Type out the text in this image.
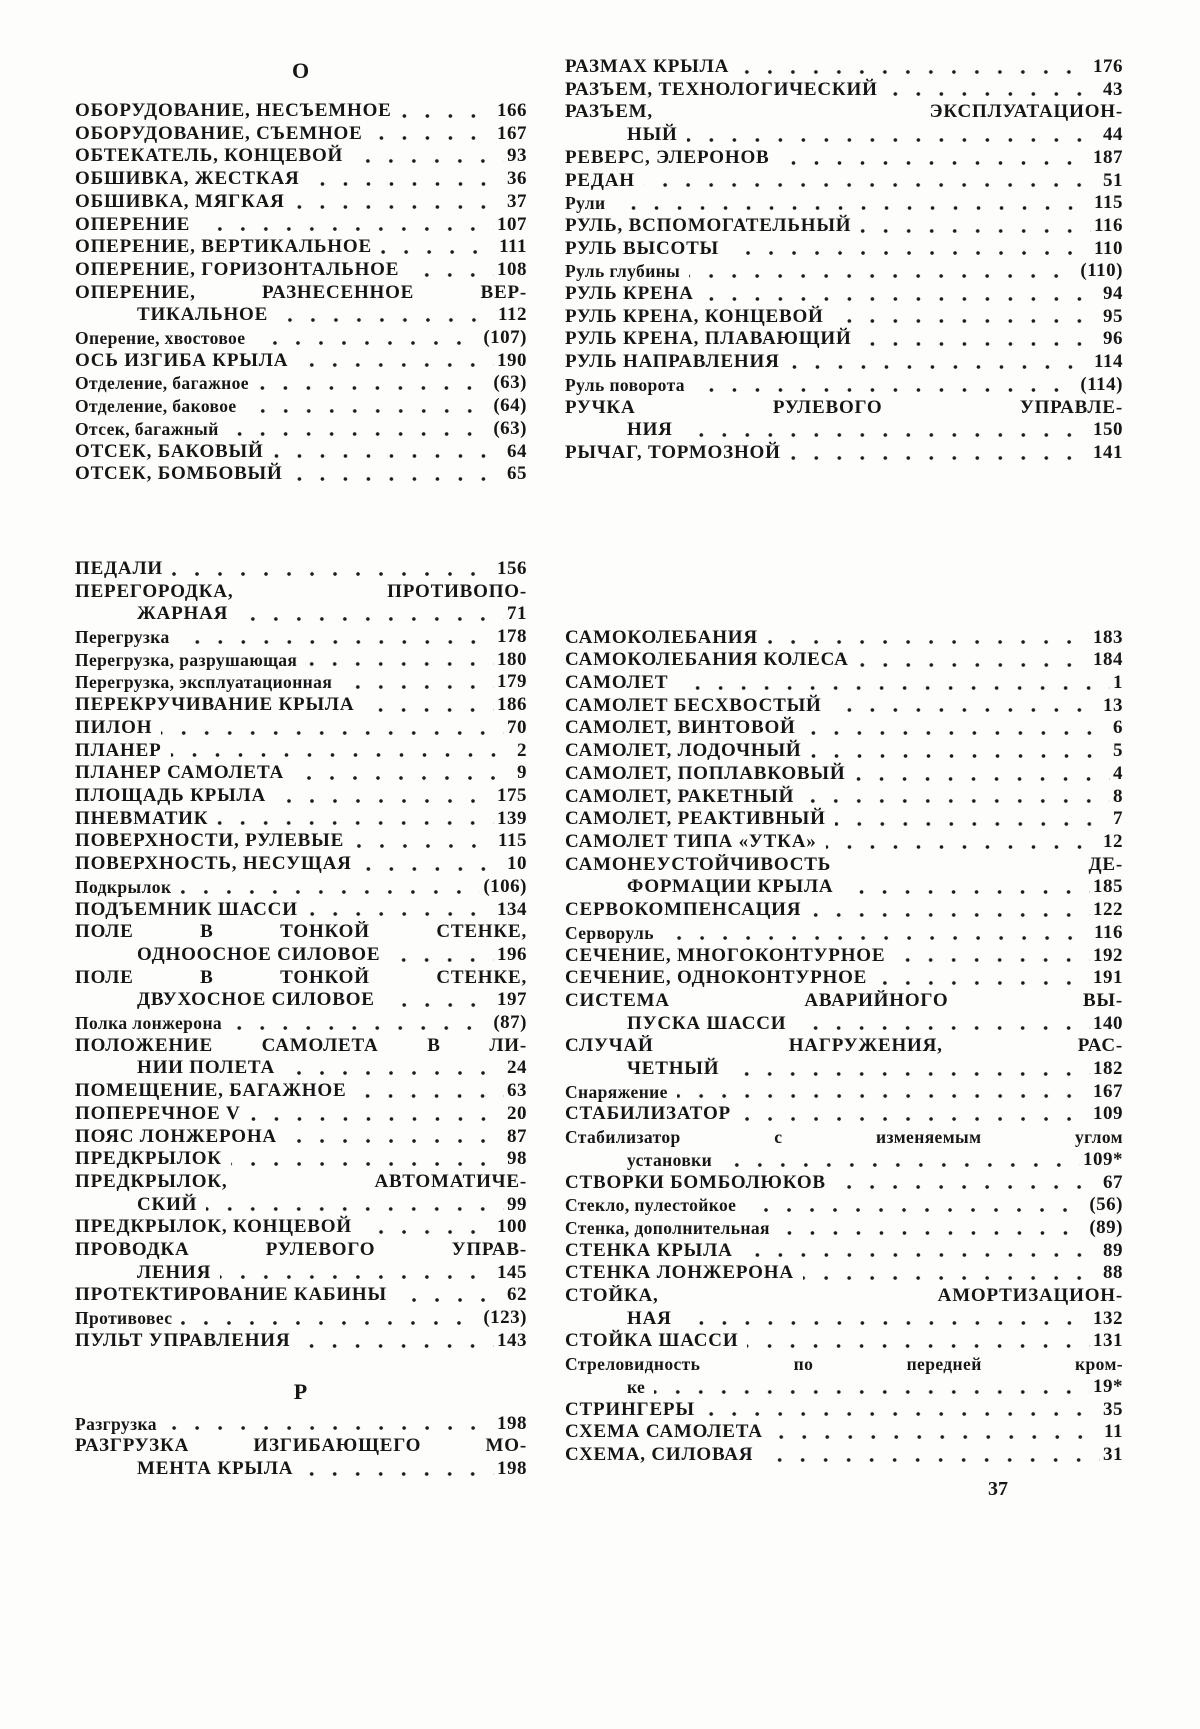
О
ОБОРУДОВАНИЕ, НЕСЪЕМНОЕ	166
ОБОРУДОВАНИЕ, СЪЕМНОЕ	167
ОБТЕКАТЕЛЬ, КОНЦЕВОЙ	93
ОБШИВКА, ЖЕСТКАЯ	36
ОБШИВКА, МЯГКАЯ	37
ОПЕРЕНИЕ	107
ОПЕРЕНИЕ, ВЕРТИКАЛЬНОЕ	111
ОПЕРЕНИЕ, ГОРИЗОНТАЛЬНОЕ	108
ОПЕРЕНИЕ, РАЗНЕСЕННОЕ ВЕР-
ТИКАЛЬНОЕ	112
Оперение, хвостовое	(107)
ОСЬ ИЗГИБА КРЫЛА	190
Отделение, багажное	(63)
Отделение, баковое	(64)
Отсек, багажный	(63)
ОТСЕК, БАКОВЫЙ	64
ОТСЕК, БОМБОВЫЙ	65
ПЕДАЛИ	156
ПЕРЕГОРОДКА, ПРОТИВОПО-
ЖАРНАЯ	71
Перегрузка	178
Перегрузка, разрушающая	180
Перегрузка, эксплуатационная	179
ПЕРЕКРУЧИВАНИЕ КРЫЛА	186
ПИЛОН	70
ПЛАНЕР	2
ПЛАНЕР САМОЛЕТА	9
ПЛОЩАДЬ КРЫЛА	175
ПНЕВМАТИК	139
ПОВЕРХНОСТИ, РУЛЕВЫЕ	115
ПОВЕРХНОСТЬ, НЕСУЩАЯ	10
Подкрылок	(106)
ПОДЪЕМНИК ШАССИ	134
ПОЛЕ В ТОНКОЙ СТЕНКЕ,
ОДНООСНОЕ СИЛОВОЕ	196
ПОЛЕ В ТОНКОЙ СТЕНКЕ,
ДВУХОСНОЕ СИЛОВОЕ	197
Полка лонжерона	(87)
ПОЛОЖЕНИЕ САМОЛЕТА В ЛИ-
НИИ ПОЛЕТА	24
ПОМЕЩЕНИЕ, БАГАЖНОЕ	63
ПОПЕРЕЧНОЕ V	20
ПОЯС ЛОНЖЕРОНА	87
ПРЕДКРЫЛОК	98
ПРЕДКРЫЛОК, АВТОМАТИЧЕ-
СКИЙ	99
ПРЕДКРЫЛОК, КОНЦЕВОЙ	100
ПРОВОДКА РУЛЕВОГО УПРАВ-
ЛЕНИЯ	145
ПРОТЕКТИРОВАНИЕ КАБИНЫ	62
Противовес	(123)
ПУЛЬТ УПРАВЛЕНИЯ	143
Р
Разгрузка	198
РАЗГРУЗКА ИЗГИБАЮЩЕГО МО-
МЕНТА КРЫЛА	198
РАЗМАХ КРЫЛА	176
РАЗЪЕМ, ТЕХНОЛОГИЧЕСКИЙ	43
РАЗЪЕМ, ЭКСПЛУАТАЦИОН-
НЫЙ	44
РЕВЕРС, ЭЛЕРОНОВ	187
РЕДАН	51
Рули	115
РУЛЬ, ВСПОМОГАТЕЛЬНЫЙ	116
РУЛЬ ВЫСОТЫ	110
Руль глубины	(110)
РУЛЬ КРЕНА	94
РУЛЬ КРЕНА, КОНЦЕВОЙ	95
РУЛЬ КРЕНА, ПЛАВАЮЩИЙ	96
РУЛЬ НАПРАВЛЕНИЯ	114
Руль поворота	(114)
РУЧКА РУЛЕВОГО УПРАВЛЕ-
НИЯ	150
РЫЧАГ, ТОРМОЗНОЙ	141
САМОКОЛЕБАНИЯ	183
САМОКОЛЕБАНИЯ КОЛЕСА	184
САМОЛЕТ	1
САМОЛЕТ БЕСХВОСТЫЙ	13
САМОЛЕТ, ВИНТОВОЙ	6
САМОЛЕТ, ЛОДОЧНЫЙ	5
САМОЛЕТ, ПОПЛАВКОВЫЙ	4
САМОЛЕТ, РАКЕТНЫЙ	8
САМОЛЕТ, РЕАКТИВНЫЙ	7
САМОЛЕТ ТИПА «УТКА»	12
САМОНЕУСТОЙЧИВОСТЬ ДЕ-
ФОРМАЦИИ КРЫЛА	185
СЕРВОКОМПЕНСАЦИЯ	122
Серворуль	116
СЕЧЕНИЕ, МНОГОКОНТУРНОЕ	192
СЕЧЕНИЕ, ОДНОКОНТУРНОЕ	191
СИСТЕМА АВАРИЙНОГО ВЫ-
ПУСКА ШАССИ	140
СЛУЧАЙ НАГРУЖЕНИЯ, РАС-
ЧЕТНЫЙ	182
Снаряжение	167
СТАБИЛИЗАТОР	109
Стабилизатор с изменяемым углом
установки	109*
СТВОРКИ БОМБОЛЮКОВ	67
Стекло, пулестойкое	(56)
Стенка, дополнительная	(89)
СТЕНКА КРЫЛА	89
СТЕНКА ЛОНЖЕРОНА	88
СТОЙКА, АМОРТИЗАЦИОН-
НАЯ	132
СТОЙКА ШАССИ	131
Стреловидность по передней кром-
ке	19*
СТРИНГЕРЫ	35
СХЕМА САМОЛЕТА	11
СХЕМА, СИЛОВАЯ	31
37
